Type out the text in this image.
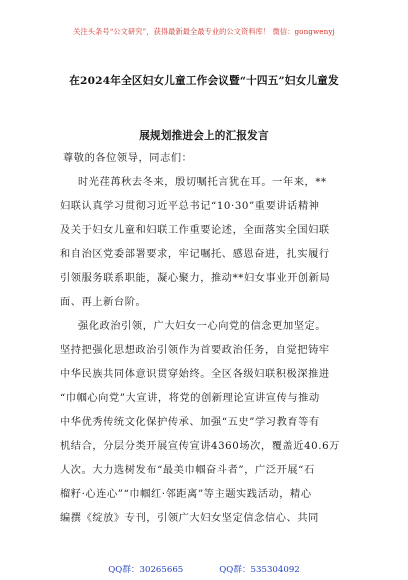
关注头条号“公文研究”，获得最新最全最专业的公文资料库！ 微信：gongwenyj
在2024年全区妇女儿童工作会议暨“十四五”妇女儿童发
展规划推进会上的汇报发言
尊敬的各位领导，同志们：
时光荏苒秋去冬来，殷切嘱托言犹在耳。一年来，**
妇联认真学习贯彻习近平总书记“10·30”重要讲话精神
及关于妇女儿童和妇联工作重要论述，全面落实全国妇联
和自治区党委部署要求，牢记嘱托、感恩奋进，扎实履行
引领服务联系职能，凝心聚力，推动**妇女事业开创新局
面、再上新台阶。
强化政治引领，广大妇女一心向党的信念更加坚定。
坚持把强化思想政治引领作为首要政治任务，自觉把铸牢
中华民族共同体意识贯穿始终。全区各级妇联积极深推进
“巾帼心向党”大宣讲，将党的创新理论宣讲宣传与推动
中华优秀传统文化保护传承、加强“五史”学习教育等有
机结合，分层分类开展宣传宣讲4360场次，覆盖近40.6万
人次。大力选树发布“最美巾帼奋斗者”，广泛开展“石
榴籽·心连心”“巾帼红·邻距离”等主题实践活动，精心
编撰《绽放》专刊，引领广大妇女坚定信念信心、共同
QQ群：30265665	QQ群：535304092
